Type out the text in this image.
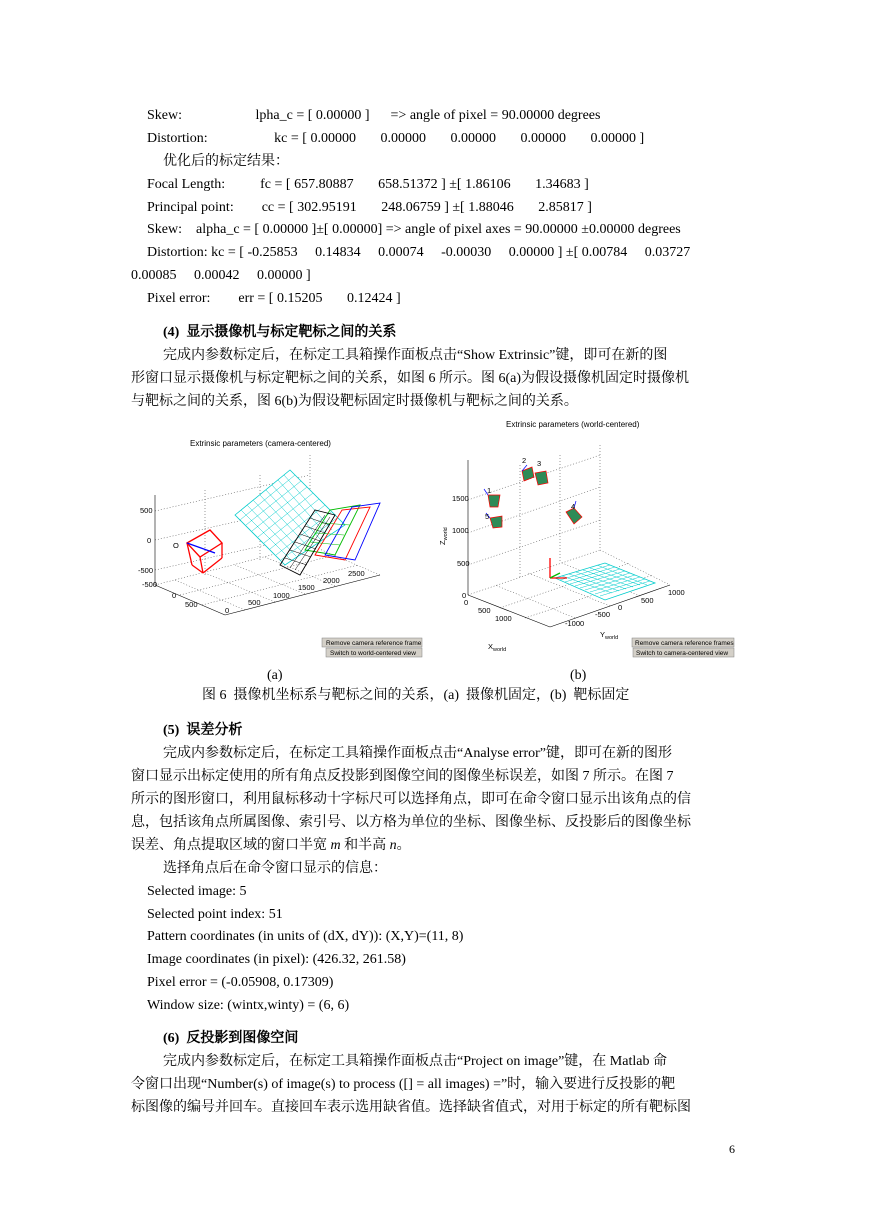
Skew:                     lpha_c = [ 0.00000 ]      => angle of pixel = 90.00000 degrees
Distortion:                   kc = [ 0.00000       0.00000       0.00000       0.00000       0.00000 ]
优化后的标定结果：
Focal Length:          fc = [ 657.80887       658.51372 ] ±[ 1.86106       1.34683 ]
Principal point:        cc = [ 302.95191       248.06759 ] ±[ 1.88046       2.85817 ]
Skew:    alpha_c = [ 0.00000 ]±[ 0.00000] => angle of pixel axes = 90.00000 ±0.00000 degrees
Distortion: kc = [ -0.25853     0.14834     0.00074     -0.00030     0.00000 ] ±[ 0.00784     0.03727
0.00085     0.00042     0.00000 ]
Pixel error:        err = [ 0.15205       0.12424 ]
(4)  显示摄像机与标定靶标之间的关系
完成内参数标定后，在标定工具箱操作面板点击“Show Extrinsic”键，即可在新的图
形窗口显示摄像机与标定靶标之间的关系，如图 6 所示。图 6(a)为假设摄像机固定时摄像机
与靶标之间的关系，图 6(b)为假设靶标固定时摄像机与靶标之间的关系。
Extrinsic parameters (camera-centered)
500
0
-500
-500
0
500
0
500
1000
1500
2000
2500
O
Remove camera reference frame
Switch to world-centered view
Extrinsic parameters (world-centered)
2 3
1
5
4
$Z_{world}$
1500
1000
500
0
0
500
1000
-1000
-500
0
500
1000
$X_{world}$
$Y_{world}$
Remove camera reference frames
Switch to camera-centered view
(a)	(b)
图 6  摄像机坐标系与靶标之间的关系，(a)  摄像机固定，(b)  靶标固定
(5)  误差分析
完成内参数标定后，在标定工具箱操作面板点击“Analyse error”键，即可在新的图形
窗口显示出标定使用的所有角点反投影到图像空间的图像坐标误差，如图 7 所示。在图 7
所示的图形窗口，利用鼠标移动十字标尺可以选择角点，即可在命令窗口显示出该角点的信
息，包括该角点所属图像、索引号、以方格为单位的坐标、图像坐标、反投影后的图像坐标
误差、角点提取区域的窗口半宽 m 和半高 n。
选择角点后在命令窗口显示的信息：
Selected image: 5
Selected point index: 51
Pattern coordinates (in units of (dX, dY)): (X,Y)=(11, 8)
Image coordinates (in pixel): (426.32, 261.58)
Pixel error = (-0.05908, 0.17309)
Window size: (wintx,winty) = (6, 6)
(6)  反投影到图像空间
完成内参数标定后，在标定工具箱操作面板点击“Project on image”键，在 Matlab 命
令窗口出现“Number(s) of image(s) to process ([] = all images) =”时，输入要进行反投影的靶
标图像的编号并回车。直接回车表示选用缺省值。选择缺省值式，对用于标定的所有靶标图
6
